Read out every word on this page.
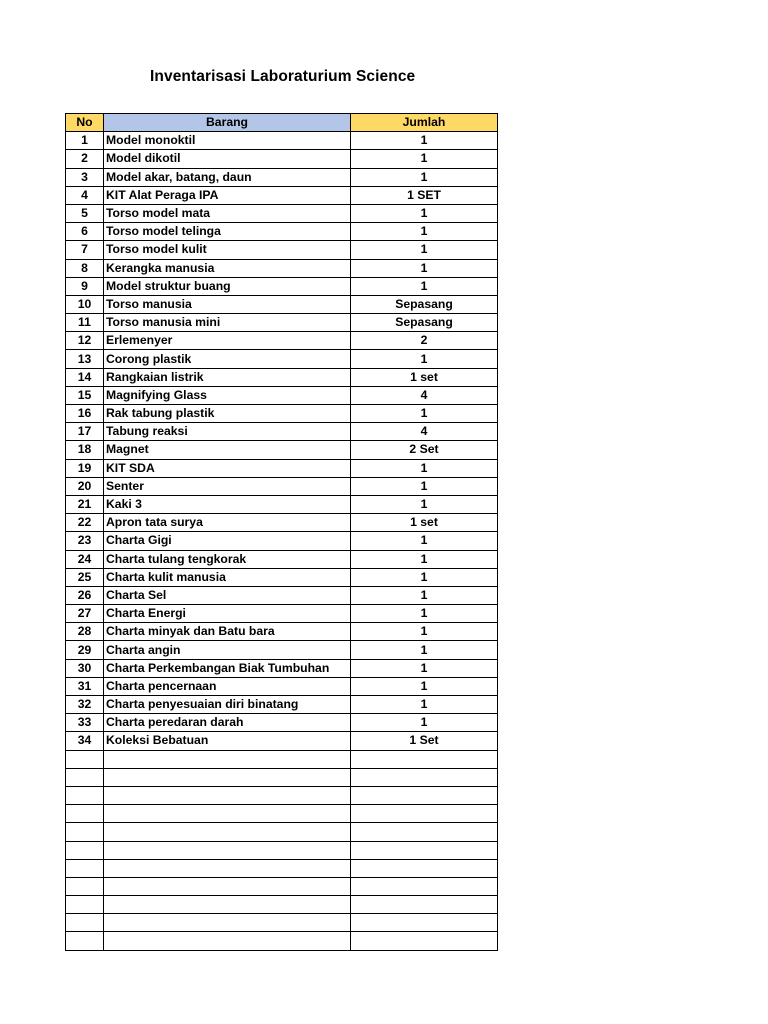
Inventarisasi Laboraturium Science
No	Barang	Jumlah
1	Model monoktil	1
2	Model dikotil	1
3	Model akar, batang, daun	1
4	KIT Alat Peraga IPA	1 SET
5	Torso model mata	1
6	Torso model telinga	1
7	Torso model kulit	1
8	Kerangka manusia	1
9	Model struktur buang	1
10	Torso manusia	Sepasang
11	Torso manusia mini	Sepasang
12	Erlemenyer	2
13	Corong plastik	1
14	Rangkaian listrik	1 set
15	Magnifying Glass	4
16	Rak tabung plastik	1
17	Tabung reaksi	4
18	Magnet	2 Set
19	KIT SDA	1
20	Senter	1
21	Kaki 3	1
22	Apron tata surya	1 set
23	Charta Gigi	1
24	Charta tulang tengkorak	1
25	Charta kulit manusia	1
26	Charta Sel	1
27	Charta Energi	1
28	Charta minyak dan Batu bara	1
29	Charta angin	1
30	Charta Perkembangan Biak Tumbuhan	1
31	Charta pencernaan	1
32	Charta penyesuaian diri binatang	1
33	Charta peredaran darah	1
34	Koleksi Bebatuan	1 Set
